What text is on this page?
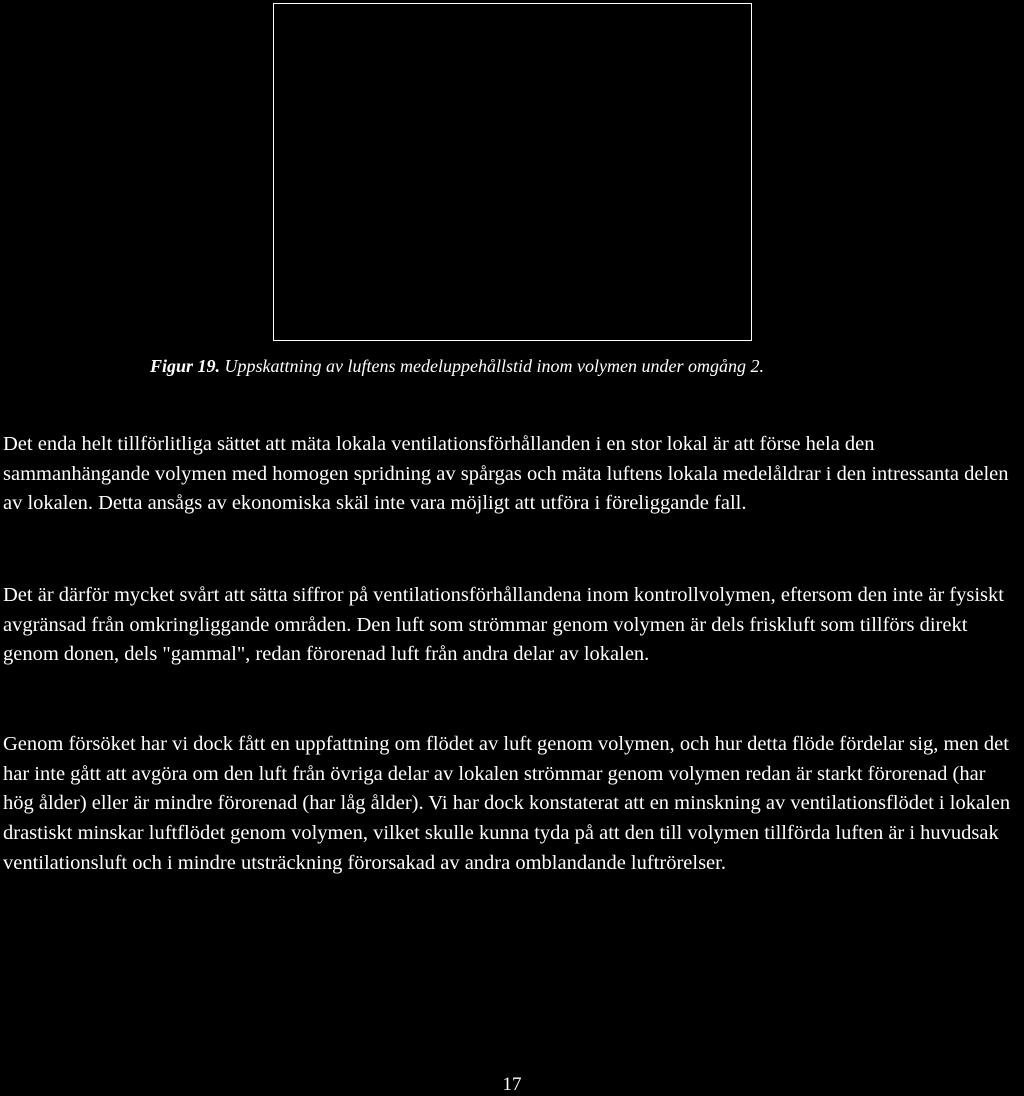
Figur 19. Uppskattning av luftens medeluppehållstid inom volymen under omgång 2.

Det enda helt tillförlitliga sättet att mäta lokala ventilationsförhållanden i en stor lokal är att förse hela den sammanhängande volymen med homogen spridning av spårgas och mäta luftens lokala medelåldrar i den intressanta delen av lokalen. Detta ansågs av ekonomiska skäl inte vara möjligt att utföra i föreliggande fall.

Det är därför mycket svårt att sätta siffror på ventilationsförhållandena inom kontrollvolymen, eftersom den inte är fysiskt avgränsad från omkringliggande områden. Den luft som strömmar genom volymen är dels friskluft som tillförs direkt genom donen, dels "gammal", redan förorenad luft från andra delar av lokalen.

Genom försöket har vi dock fått en uppfattning om flödet av luft genom volymen, och hur detta flöde fördelar sig, men det har inte gått att avgöra om den luft från övriga delar av lokalen strömmar genom volymen redan är starkt förorenad (har hög ålder) eller är mindre förorenad (har låg ålder). Vi har dock konstaterat att en minskning av ventilationsflödet i lokalen drastiskt minskar luftflödet genom volymen, vilket skulle kunna tyda på att den till volymen tillförda luften är i huvudsak ventilationsluft och i mindre utsträckning förorsakad av andra omblandande luftrörelser.

17
